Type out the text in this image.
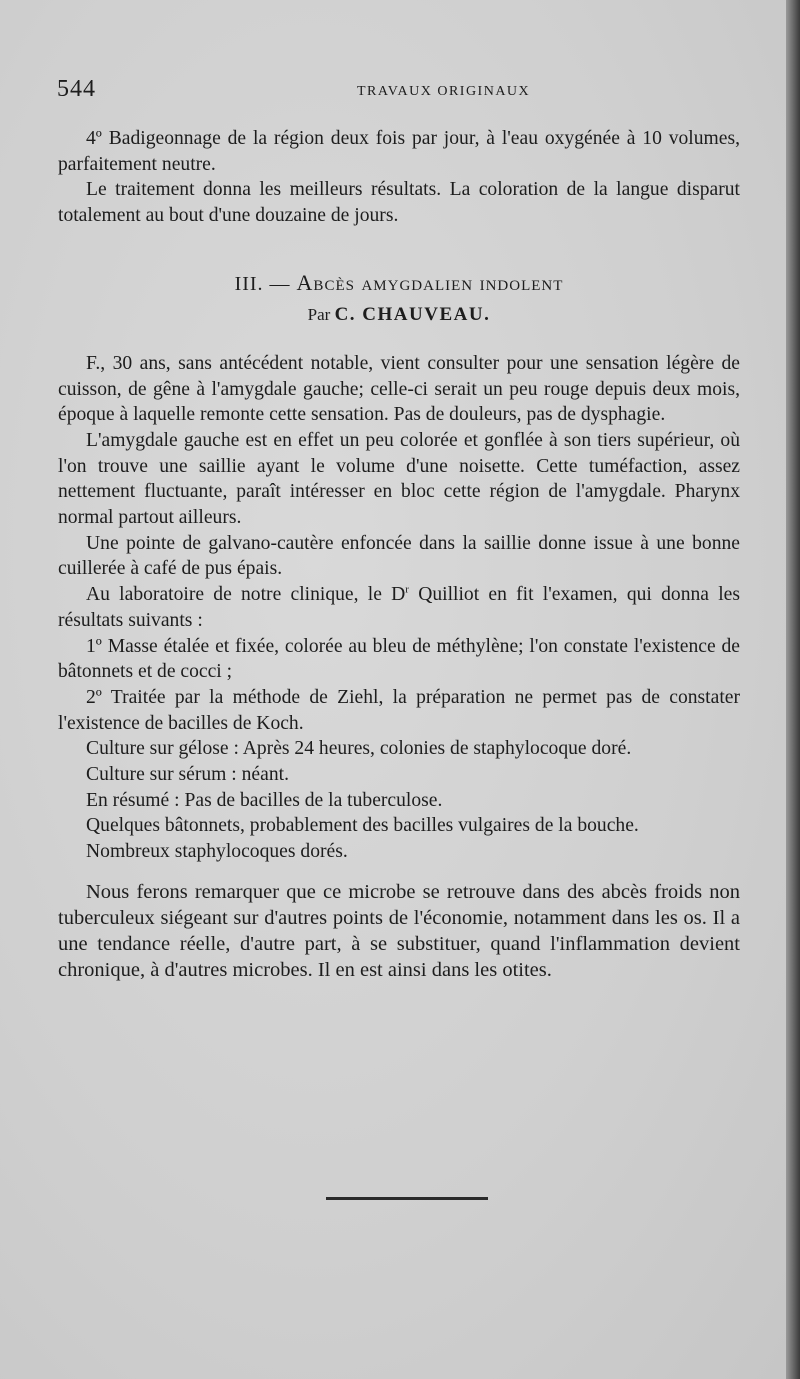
544	TRAVAUX ORIGINAUX

4º Badigeonnage de la région deux fois par jour, à l'eau oxygénée à 10 volumes, parfaitement neutre.

Le traitement donna les meilleurs résultats. La coloration de la langue disparut totalement au bout d'une douzaine de jours.

III. — Abcès amygdalien indolent
Par C. CHAUVEAU.

F., 30 ans, sans antécédent notable, vient consulter pour une sensation légère de cuisson, de gêne à l'amygdale gauche; celle-ci serait un peu rouge depuis deux mois, époque à laquelle remonte cette sensation. Pas de douleurs, pas de dysphagie.

L'amygdale gauche est en effet un peu colorée et gonflée à son tiers supérieur, où l'on trouve une saillie ayant le volume d'une noisette. Cette tuméfaction, assez nettement fluctuante, paraît intéresser en bloc cette région de l'amygdale. Pharynx normal partout ailleurs.

Une pointe de galvano-cautère enfoncée dans la saillie donne issue à une bonne cuillerée à café de pus épais.

Au laboratoire de notre clinique, le $D^r$ Quilliot en fit l'examen, qui donna les résultats suivants :

1º Masse étalée et fixée, colorée au bleu de méthylène; l'on constate l'existence de bâtonnets et de cocci ;

2º Traitée par la méthode de Ziehl, la préparation ne permet pas de constater l'existence de bacilles de Koch.

Culture sur gélose : Après 24 heures, colonies de staphylocoque doré.

Culture sur sérum : néant.

En résumé : Pas de bacilles de la tuberculose.

Quelques bâtonnets, probablement des bacilles vulgaires de la bouche.

Nombreux staphylocoques dorés.

Nous ferons remarquer que ce microbe se retrouve dans des abcès froids non tuberculeux siégeant sur d'autres points de l'économie, notamment dans les os. Il a une tendance réelle, d'autre part, à se substituer, quand l'inflammation devient chronique, à d'autres microbes. Il en est ainsi dans les otites.
